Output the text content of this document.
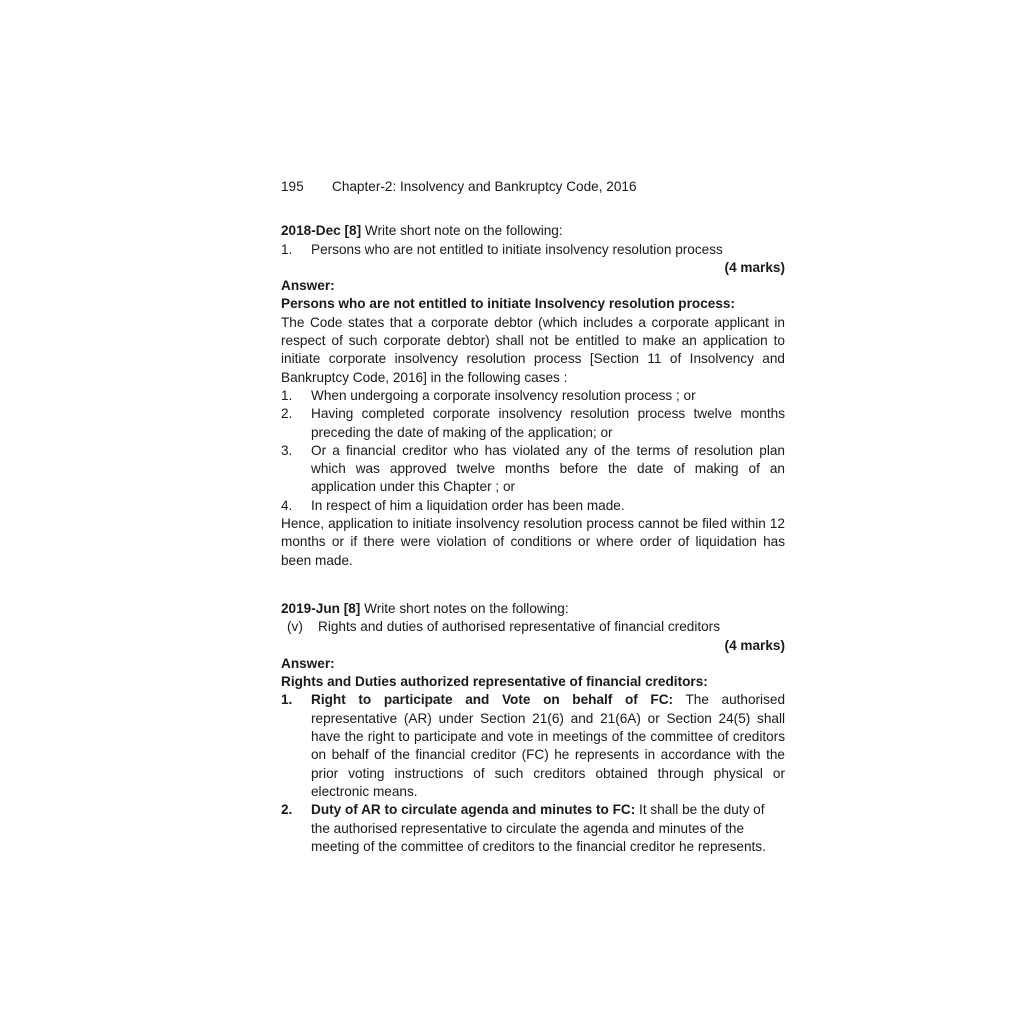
195 Chapter-2: Insolvency and Bankruptcy Code, 2016
2018-Dec [8] Write short note on the following:
1.	Persons who are not entitled to initiate insolvency resolution process
(4 marks)
Answer:
Persons who are not entitled to initiate Insolvency resolution process:
The Code states that a corporate debtor (which includes a corporate applicant in respect of such corporate debtor) shall not be entitled to make an application to initiate corporate insolvency resolution process [Section 11 of Insolvency and Bankruptcy Code, 2016] in the following cases :
1.	When undergoing a corporate insolvency resolution process ; or
2.	Having completed corporate insolvency resolution process twelve months preceding the date of making of the application; or
3.	Or a financial creditor who has violated any of the terms of resolution plan which was approved twelve months before the date of making of an application under this Chapter ; or
4.	In respect of him a liquidation order has been made.
Hence, application to initiate insolvency resolution process cannot be filed within 12 months or if there were violation of conditions or where order of liquidation has been made.
2019-Jun [8] Write short notes on the following:
(v) Rights and duties of authorised representative of financial creditors
(4 marks)
Answer:
Rights and Duties authorized representative of financial creditors:
1.	Right to participate and Vote on behalf of FC: The authorised representative (AR) under Section 21(6) and 21(6A) or Section 24(5) shall have the right to participate and vote in meetings of the committee of creditors on behalf of the financial creditor (FC) he represents in accordance with the prior voting instructions of such creditors obtained through physical or electronic means.
2.	Duty of AR to circulate agenda and minutes to FC: It shall be the duty of the authorised representative to circulate the agenda and minutes of the meeting of the committee of creditors to the financial creditor he represents.
